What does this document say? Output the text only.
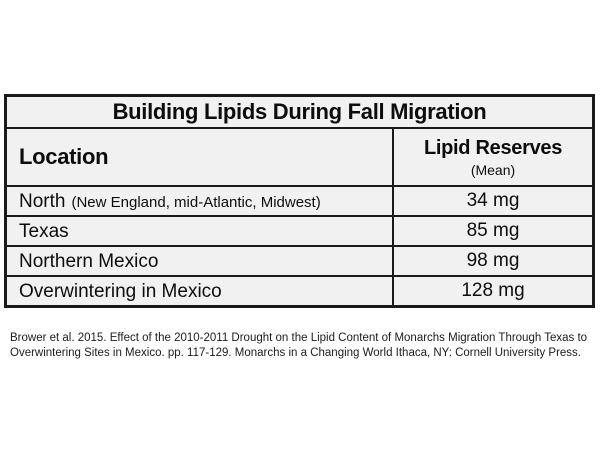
Building Lipids During Fall Migration
Location	Lipid Reserves
(Mean)
North (New England, mid-Atlantic, Midwest)	34 mg
Texas	85 mg
Northern Mexico	98 mg
Overwintering in Mexico	128 mg
Brower et al. 2015. Effect of the 2010-2011 Drought on the Lipid Content of Monarchs Migration Through Texas to
Overwintering Sites in Mexico. pp. 117-129. Monarchs in a Changing World Ithaca, NY: Cornell University Press.
